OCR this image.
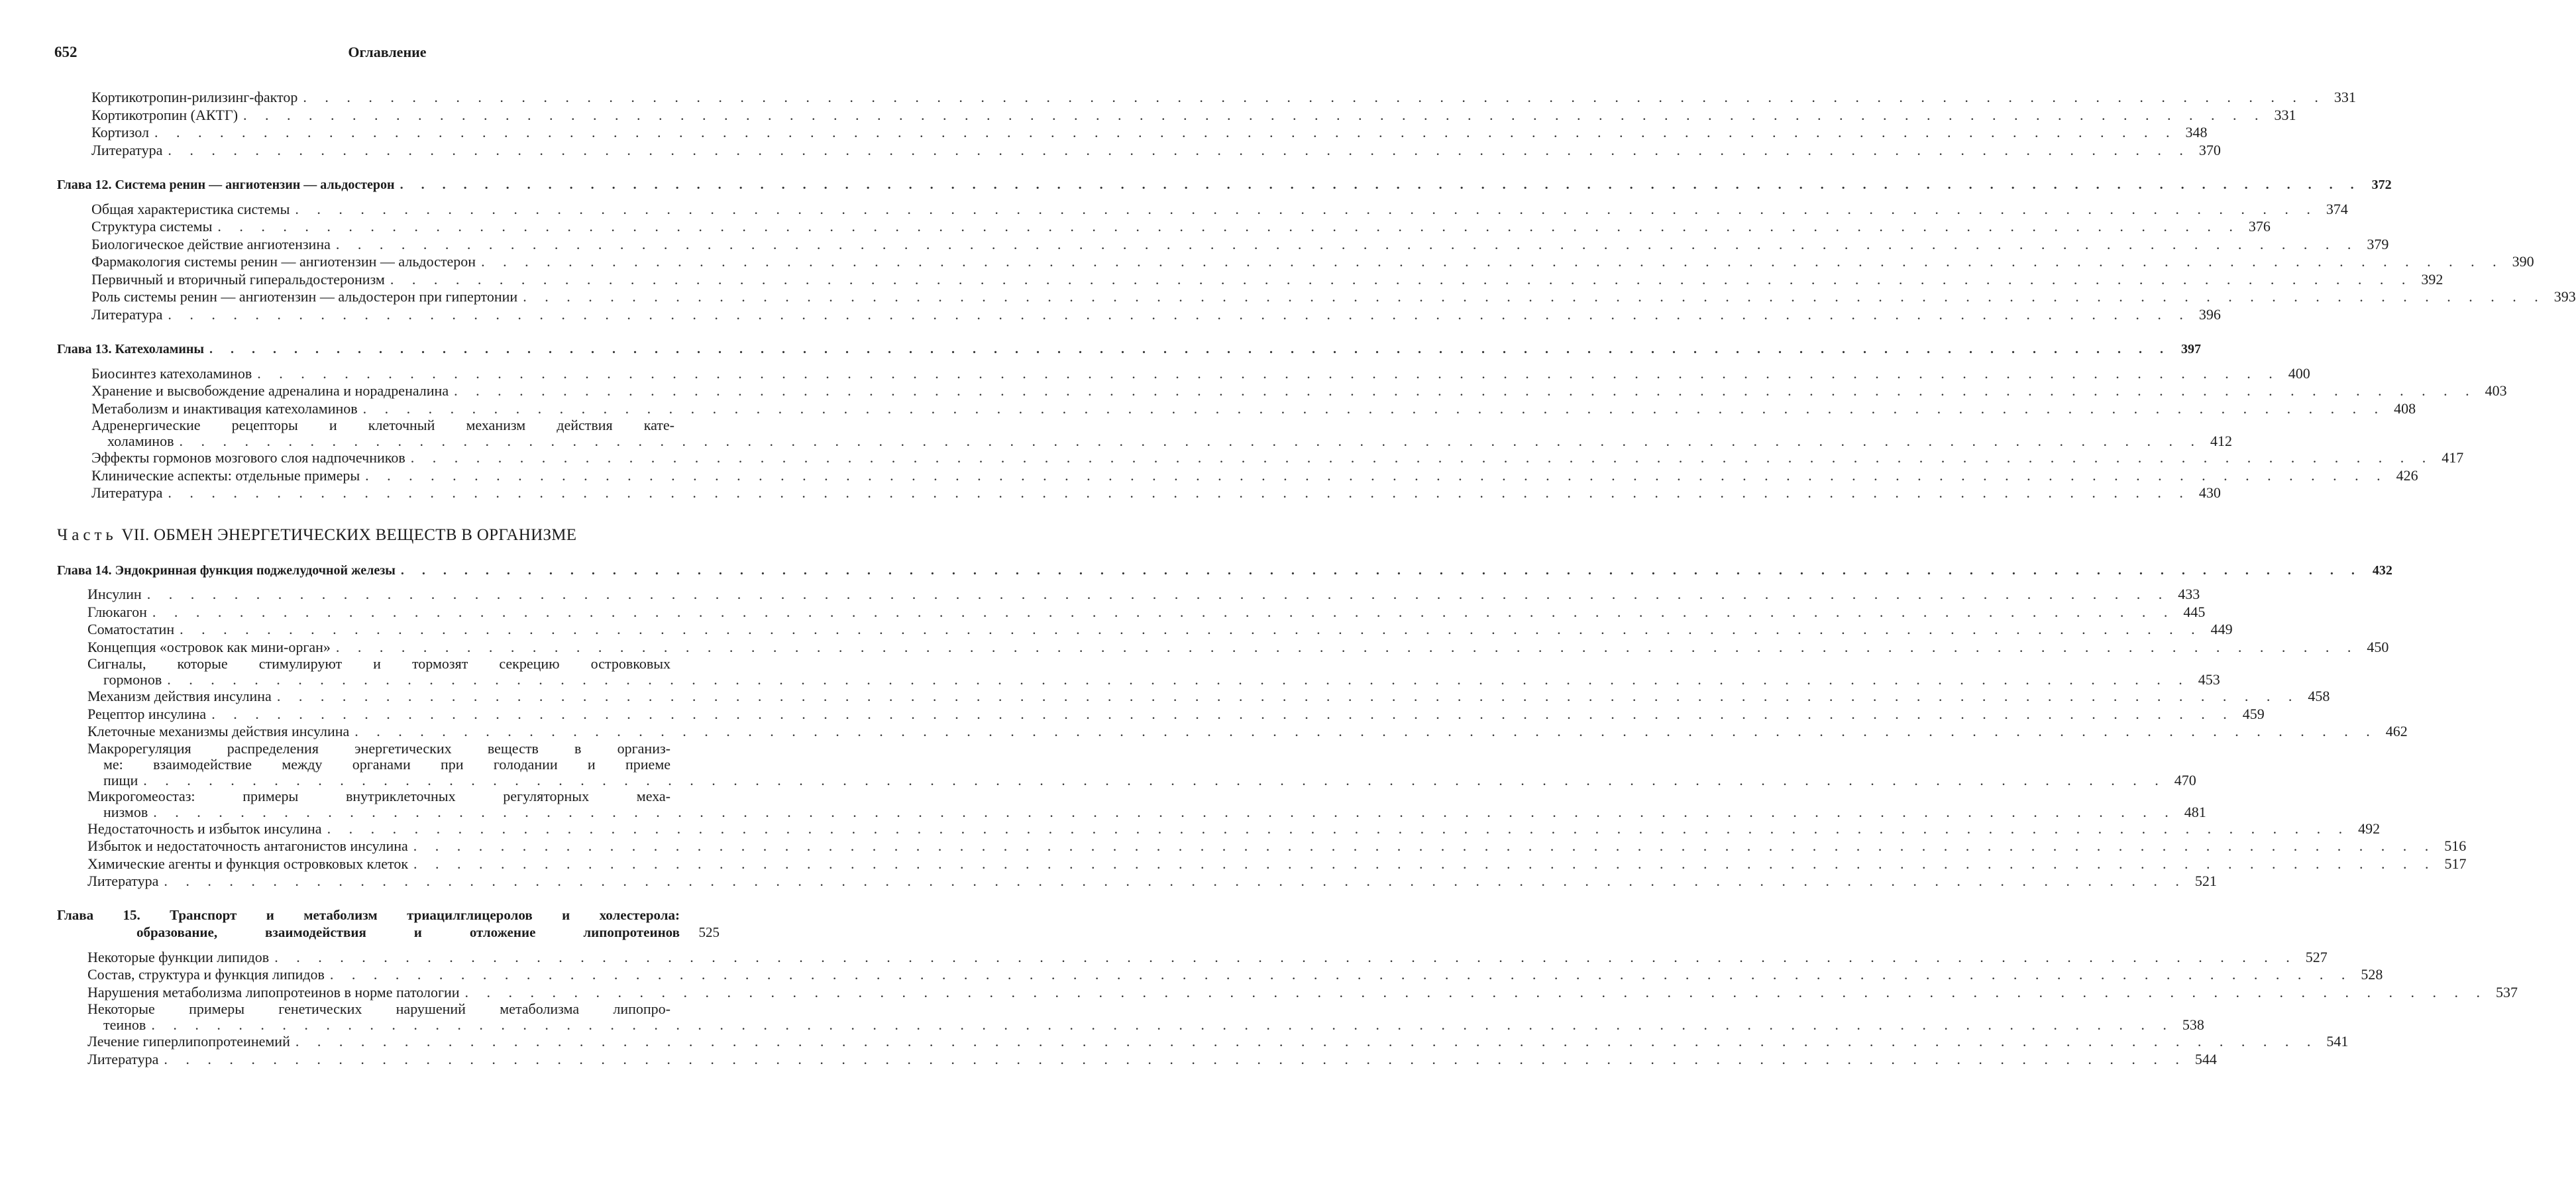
652	Оглавление
Кортикотропин-рилизинг-фактор . . .	331
Кортикотропин (АКТГ) . . .	331
Кортизол . . .	348
Литература . . .	370
Глава 12. Система ренин — ангиотензин — альдостерон . . .	372
Общая характеристика системы . . .	374
Структура системы . . .	376
Биологическое действие ангиотензина . . .	379
Фармакология системы ренин — ангиотензин — альдостерон . . .	390
Первичный и вторичный гиперальдостеронизм . . .	392
Роль системы ренин — ангиотензин — альдостерон при гипертонии . . .	393
Литература . . .	396
Глава 13. Катехоламины . . .	397
Биосинтез катехоламинов . . .	400
Хранение и высвобождение адреналина и норадреналина . . .	403
Метаболизм и инактивация катехоламинов . . .	408
Адренергические рецепторы и клеточный механизм действия кате-
холаминов . . .	412
Эффекты гормонов мозгового слоя надпочечников . . .	417
Клинические аспекты: отдельные примеры . . .	426
Литература . . .	430
Часть VII. ОБМЕН ЭНЕРГЕТИЧЕСКИХ ВЕЩЕСТВ В ОРГАНИЗМЕ
Глава 14. Эндокринная функция поджелудочной железы . . .	432
Инсулин . . .	433
Глюкагон . . .	445
Соматостатин . . .	449
Концепция «островок как мини-орган» . . .	450
Сигналы, которые стимулируют и тормозят секрецию островковых
гормонов . . .	453
Механизм действия инсулина . . .	458
Рецептор инсулина . . .	459
Клеточные механизмы действия инсулина . . .	462
Макрорегуляция распределения энергетических веществ в организ-
ме: взаимодействие между органами при голодании и приеме
пищи . . .	470
Микрогомеостаз: примеры внутриклеточных регуляторных меха-
низмов . . .	481
Недостаточность и избыток инсулина . . .	492
Избыток и недостаточность антагонистов инсулина . . .	516
Химические агенты и функция островковых клеток . . .	517
Литература . . .	521
Глава 15. Транспорт и метаболизм триацилглицеролов и холестерола:
образование, взаимодействия и отложение липопротеинов	525
Некоторые функции липидов . . .	527
Состав, структура и функция липидов . . .	528
Нарушения метаболизма липопротеинов в норме патологии . . .	537
Некоторые примеры генетических нарушений метаболизма липопро-
теинов . . .	538
Лечение гиперлипопротеинемий . . .	541
Литература . . .	544
